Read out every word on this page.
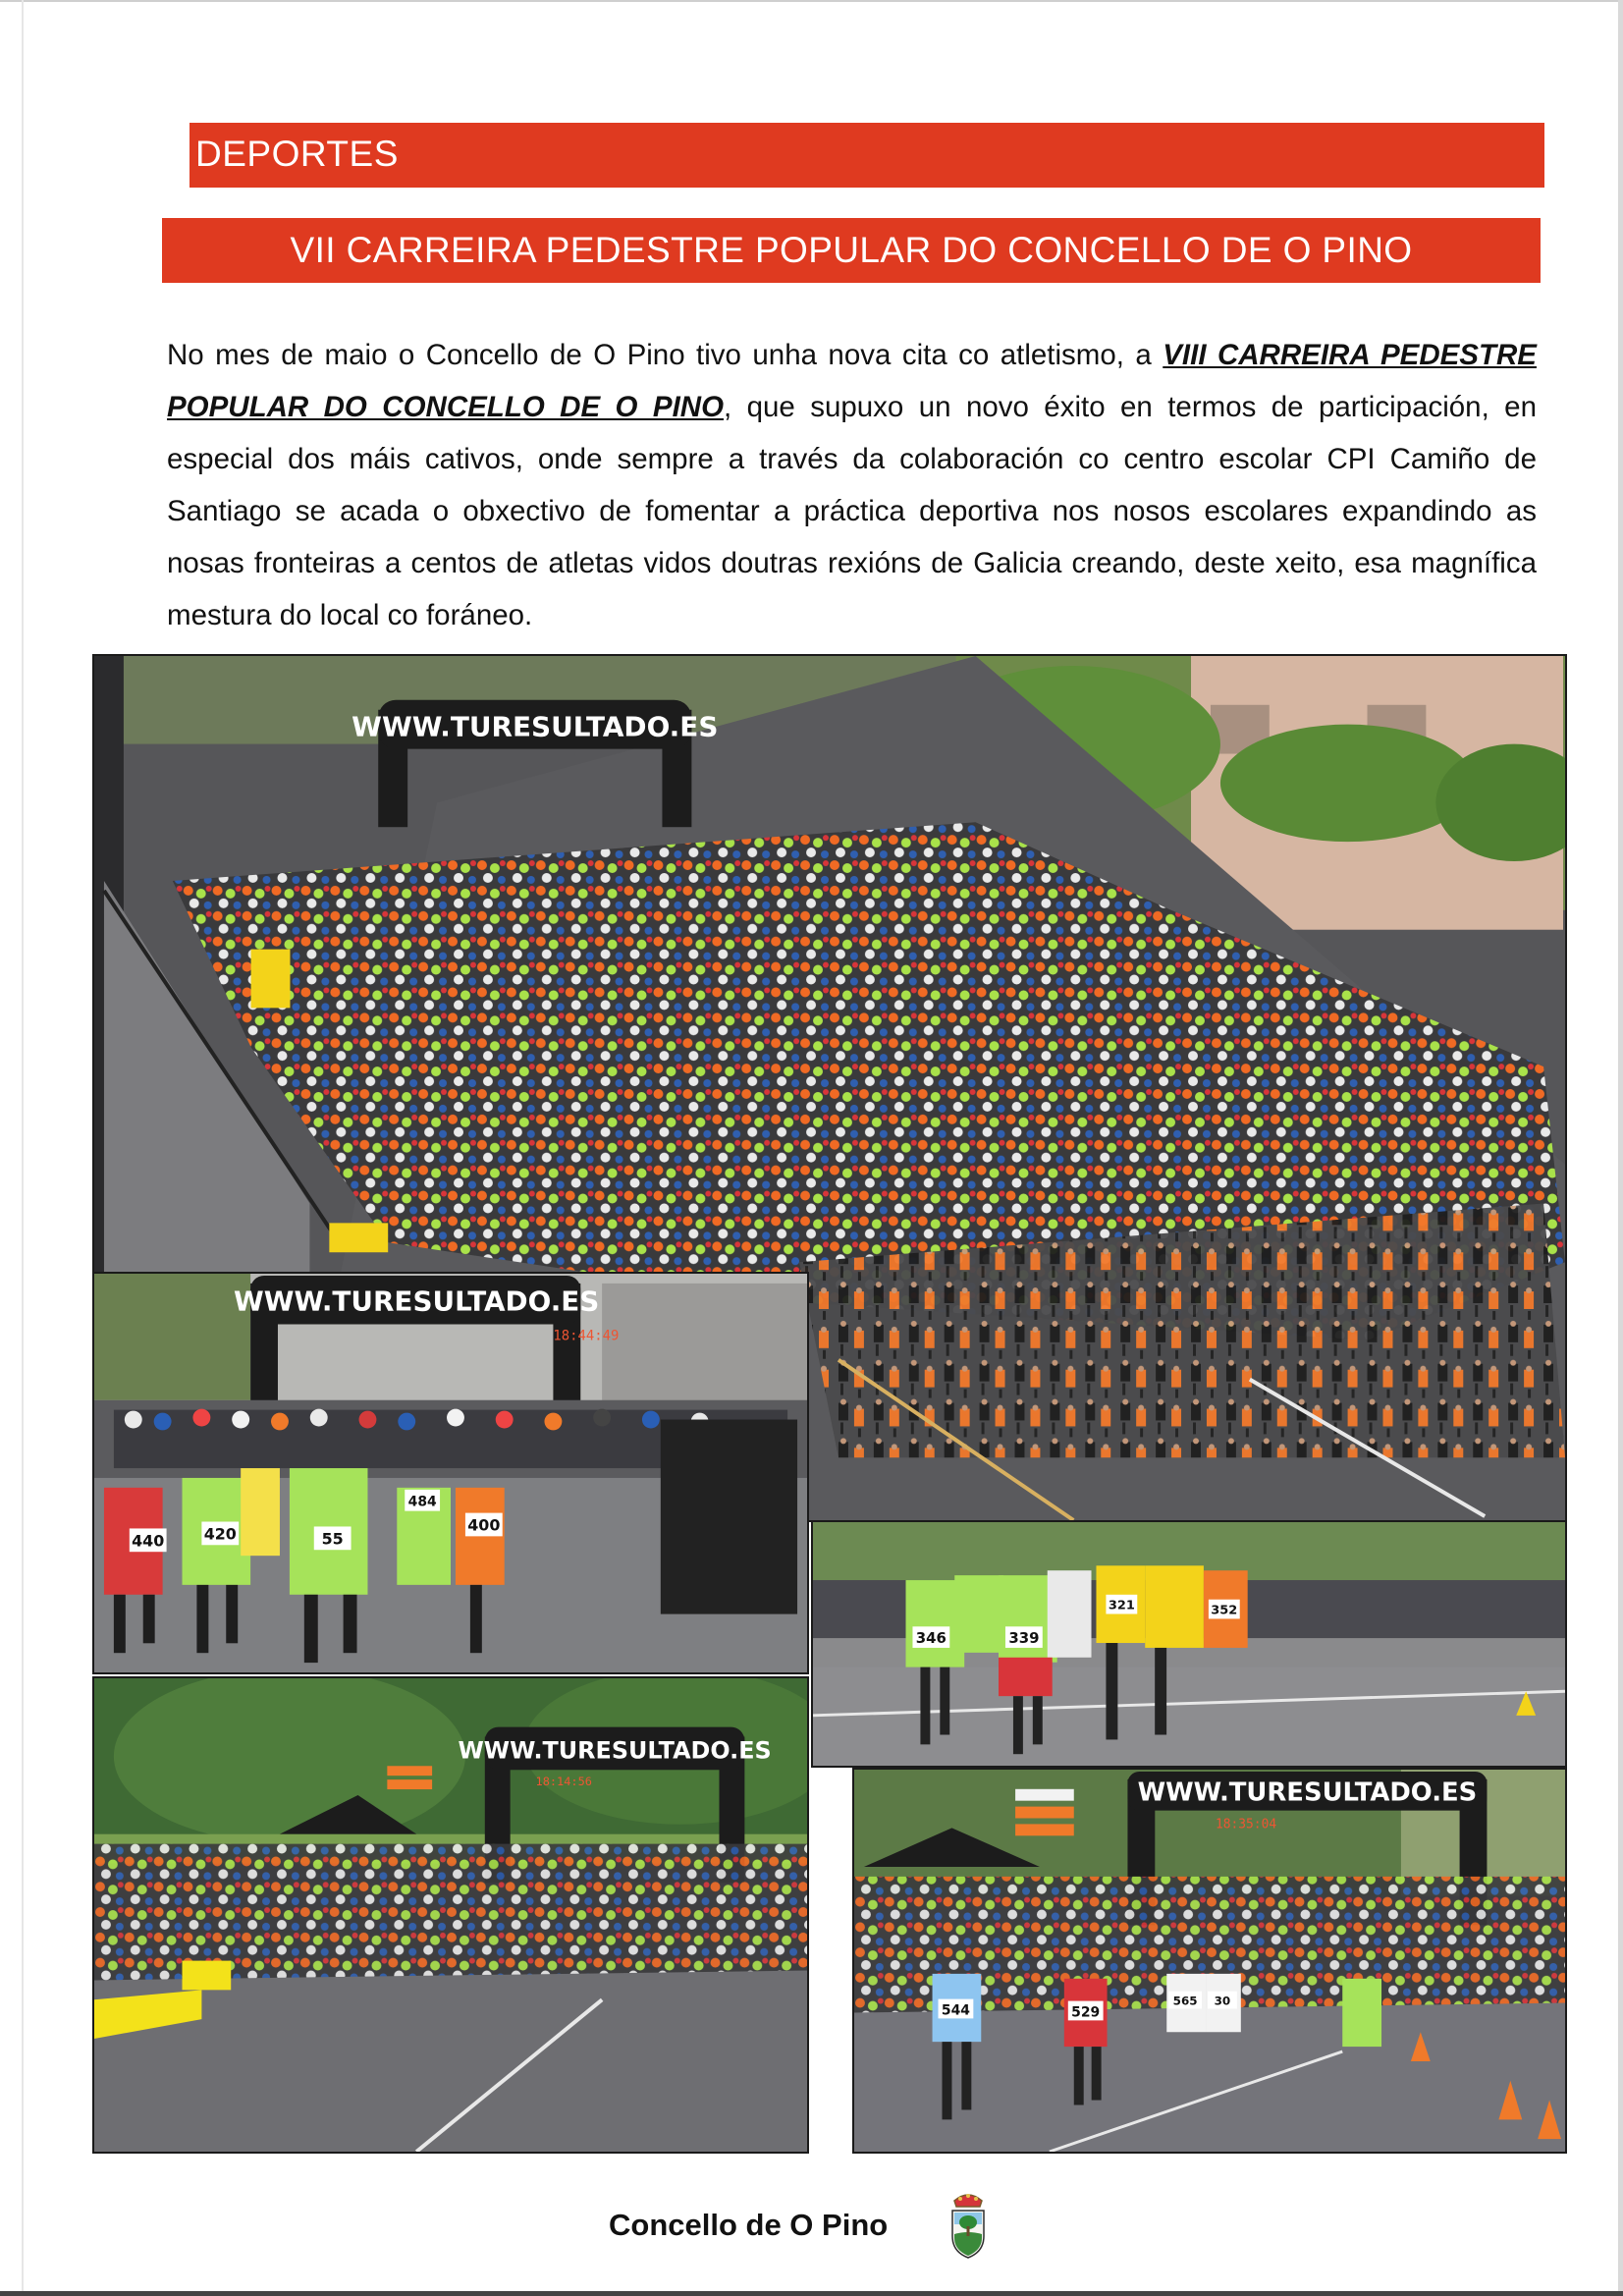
DEPORTES
VII CARREIRA PEDESTRE POPULAR DO CONCELLO DE O PINO

No mes de maio o Concello de O Pino tivo unha nova cita co atletismo, a VIII CARREIRA PEDESTRE POPULAR DO CONCELLO DE O PINO, que supuxo un novo éxito en termos de participación, en especial dos máis cativos, onde sempre a través da colaboración co centro escolar CPI Camiño de Santiago se acada o obxectivo de fomentar a práctica deportiva nos nosos escolares expandindo as nosas fronteiras a centos de atletas vidos doutras rexións de Galicia creando, deste xeito, esa magnífica mestura do local co foráneo.

WWW.TURESULTADO.ES
WWW.TURESULTADO.ES
18:44:49
440	420	55
484
400
346	339
321	352
WWW.TURESULTADO.ES
18:14:56	WWW.TURESULTADO.ES
18:35:04
544	529
565 30
Concello de O Pino
